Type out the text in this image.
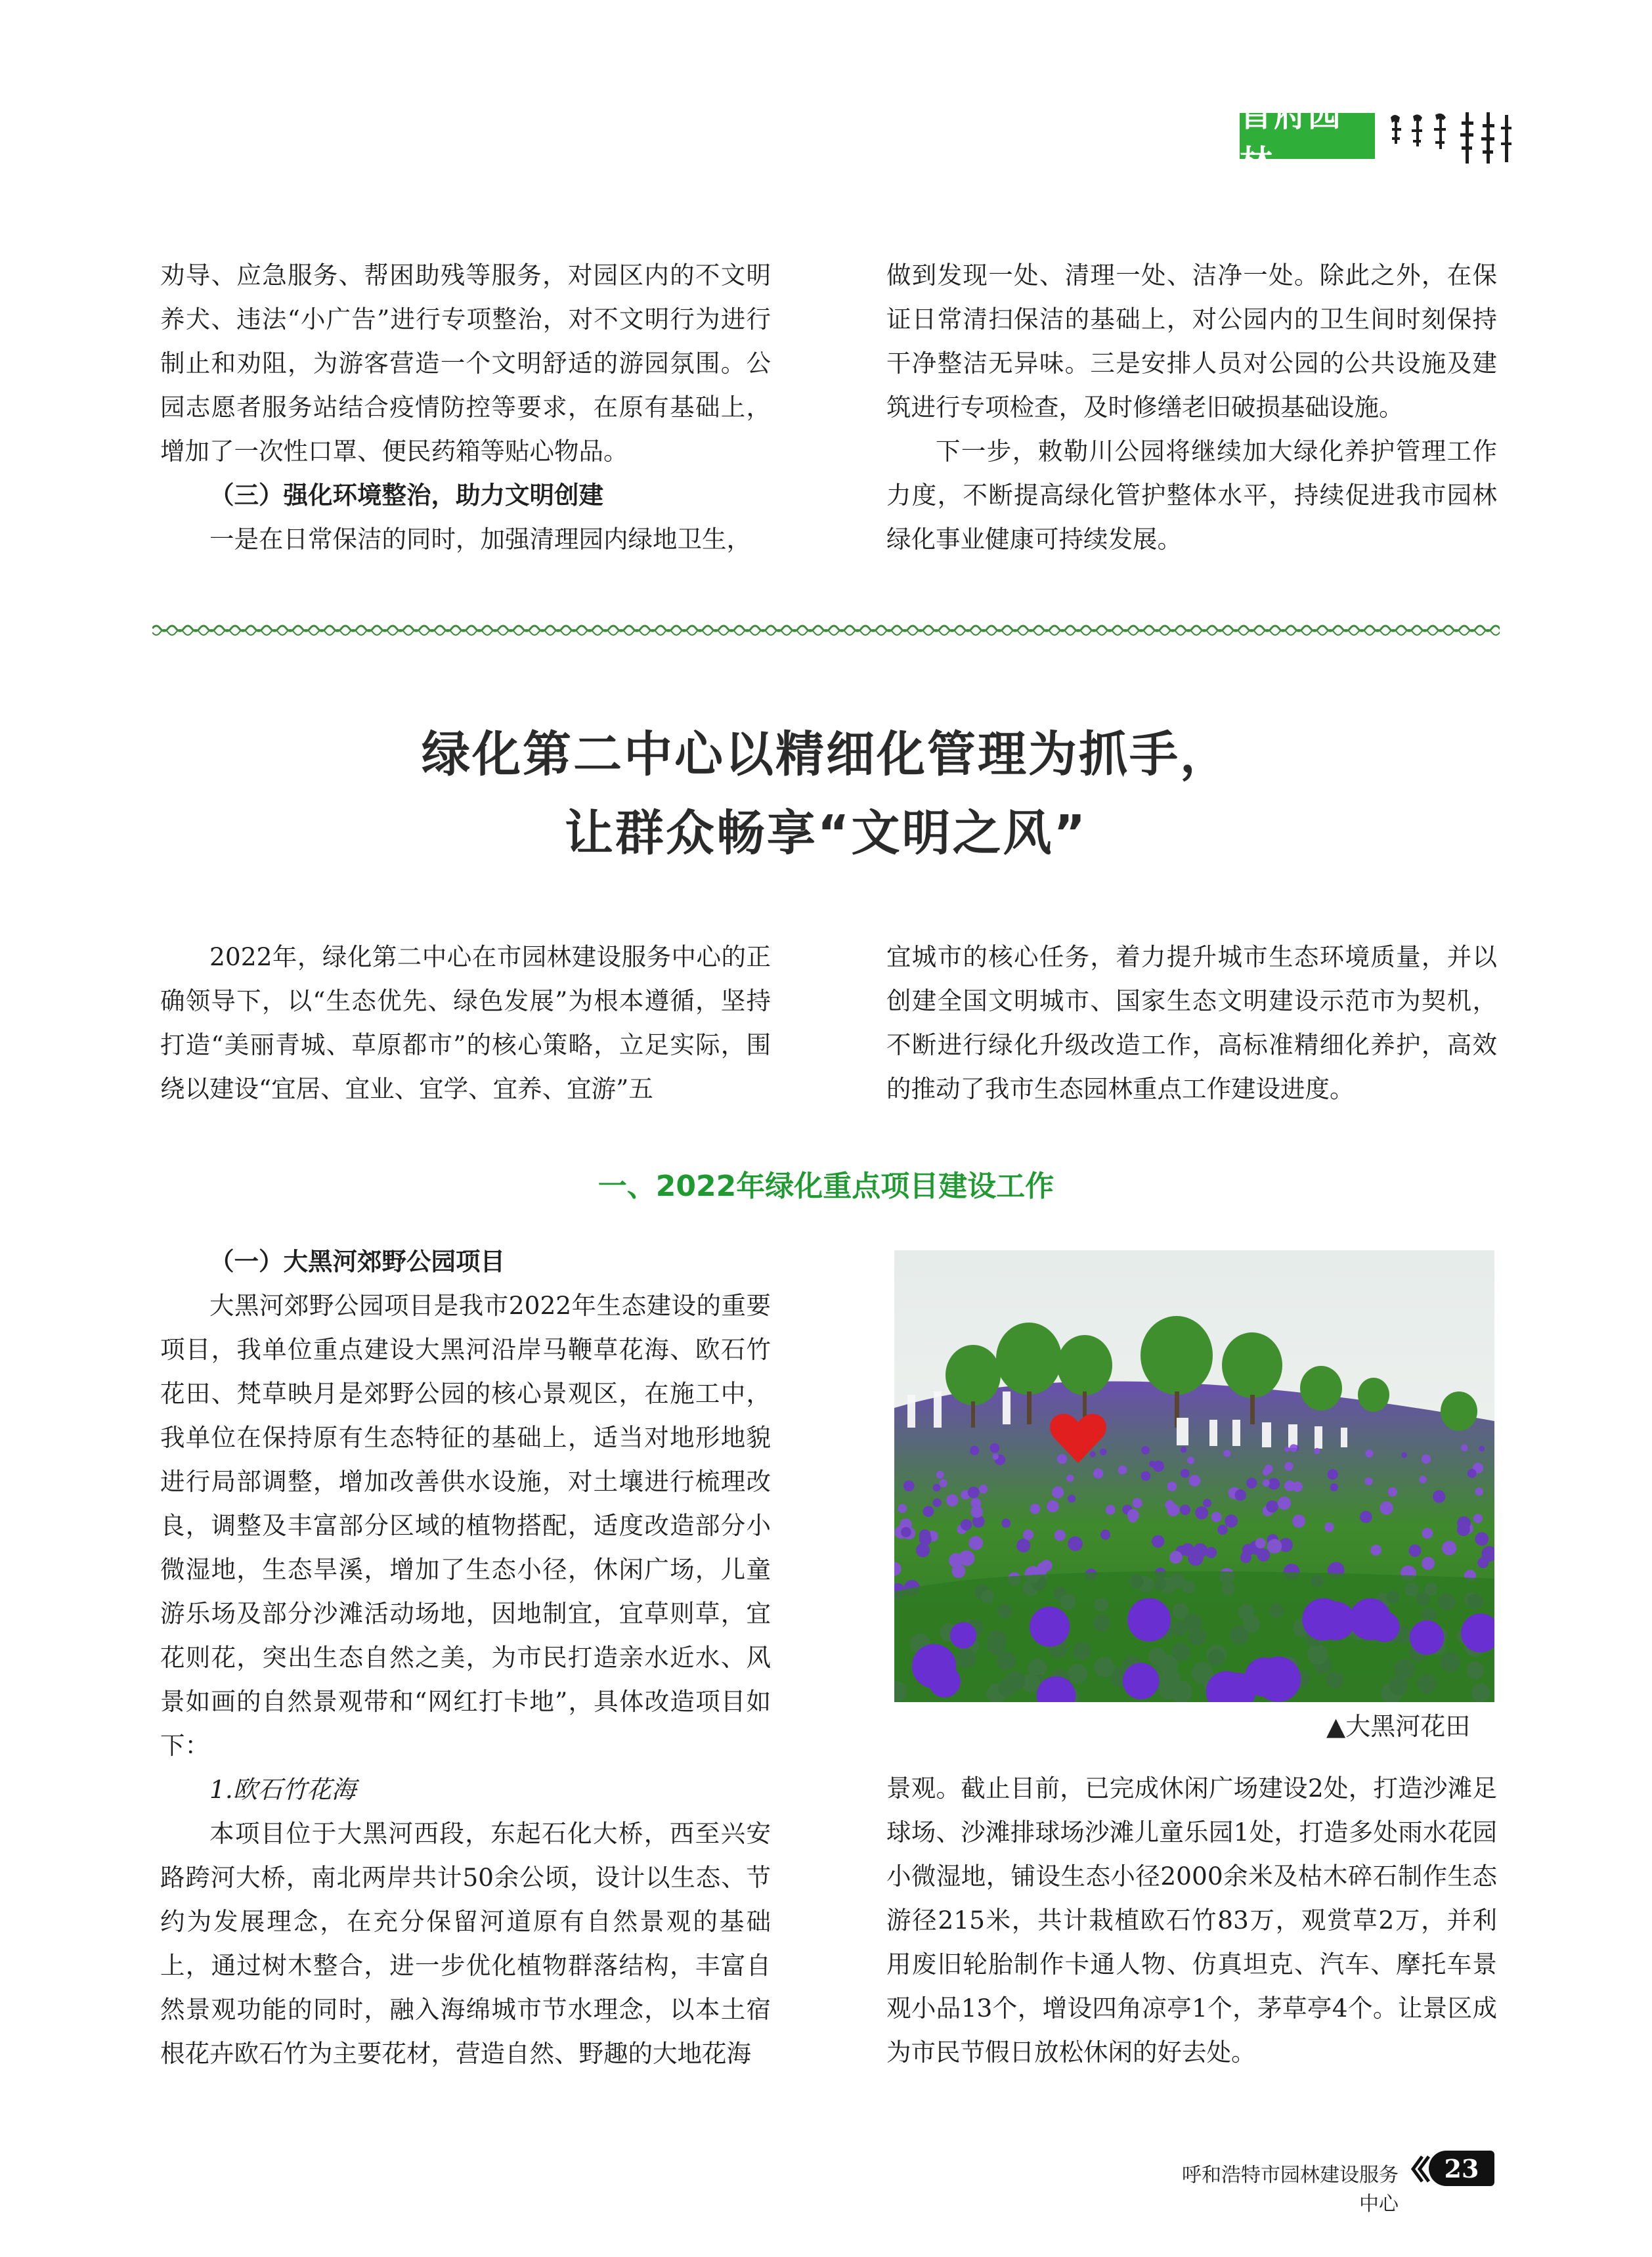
首府园林

劝导、应急服务、帮困助残等服务，对园区内的不文明养犬、违法“小广告”进行专项整治，对不文明行为进行制止和劝阻，为游客营造一个文明舒适的游园氛围。公园志愿者服务站结合疫情防控等要求，在原有基础上，增加了一次性口罩、便民药箱等贴心物品。

（三）强化环境整治，助力文明创建

一是在日常保洁的同时，加强清理园内绿地卫生，

做到发现一处、清理一处、洁净一处。除此之外，在保证日常清扫保洁的基础上，对公园内的卫生间时刻保持干净整洁无异味。三是安排人员对公园的公共设施及建筑进行专项检查，及时修缮老旧破损基础设施。

下一步，敕勒川公园将继续加大绿化养护管理工作力度，不断提高绿化管护整体水平，持续促进我市园林绿化事业健康可持续发展。

绿化第二中心以精细化管理为抓手，
让群众畅享“文明之风”

2022年，绿化第二中心在市园林建设服务中心的正确领导下，以“生态优先、绿色发展”为根本遵循，坚持打造“美丽青城、草原都市”的核心策略，立足实际，围绕以建设“宜居、宜业、宜学、宜养、宜游”五

宜城市的核心任务，着力提升城市生态环境质量，并以创建全国文明城市、国家生态文明建设示范市为契机，不断进行绿化升级改造工作，高标准精细化养护，高效的推动了我市生态园林重点工作建设进度。

一、2022年绿化重点项目建设工作

（一）大黑河郊野公园项目

大黑河郊野公园项目是我市2022年生态建设的重要项目，我单位重点建设大黑河沿岸马鞭草花海、欧石竹花田、梵草映月是郊野公园的核心景观区，在施工中，我单位在保持原有生态特征的基础上，适当对地形地貌进行局部调整，增加改善供水设施，对土壤进行梳理改良，调整及丰富部分区域的植物搭配，适度改造部分小微湿地，生态旱溪，增加了生态小径，休闲广场，儿童游乐场及部分沙滩活动场地，因地制宜，宜草则草，宜花则花，突出生态自然之美，为市民打造亲水近水、风景如画的自然景观带和“网红打卡地”，具体改造项目如下：

1.欧石竹花海

本项目位于大黑河西段，东起石化大桥，西至兴安路跨河大桥，南北两岸共计50余公顷，设计以生态、节约为发展理念，在充分保留河道原有自然景观的基础上，通过树木整合，进一步优化植物群落结构，丰富自然景观功能的同时，融入海绵城市节水理念，以本土宿根花卉欧石竹为主要花材，营造自然、野趣的大地花海

▲大黑河花田

景观。截止目前，已完成休闲广场建设2处，打造沙滩足球场、沙滩排球场沙滩儿童乐园1处，打造多处雨水花园小微湿地，铺设生态小径2000余米及枯木碎石制作生态游径215米，共计栽植欧石竹83万，观赏草2万，并利用废旧轮胎制作卡通人物、仿真坦克、汽车、摩托车景观小品13个，增设四角凉亭1个，茅草亭4个。让景区成为市民节假日放松休闲的好去处。

呼和浩特市园林建设服务中心
23
